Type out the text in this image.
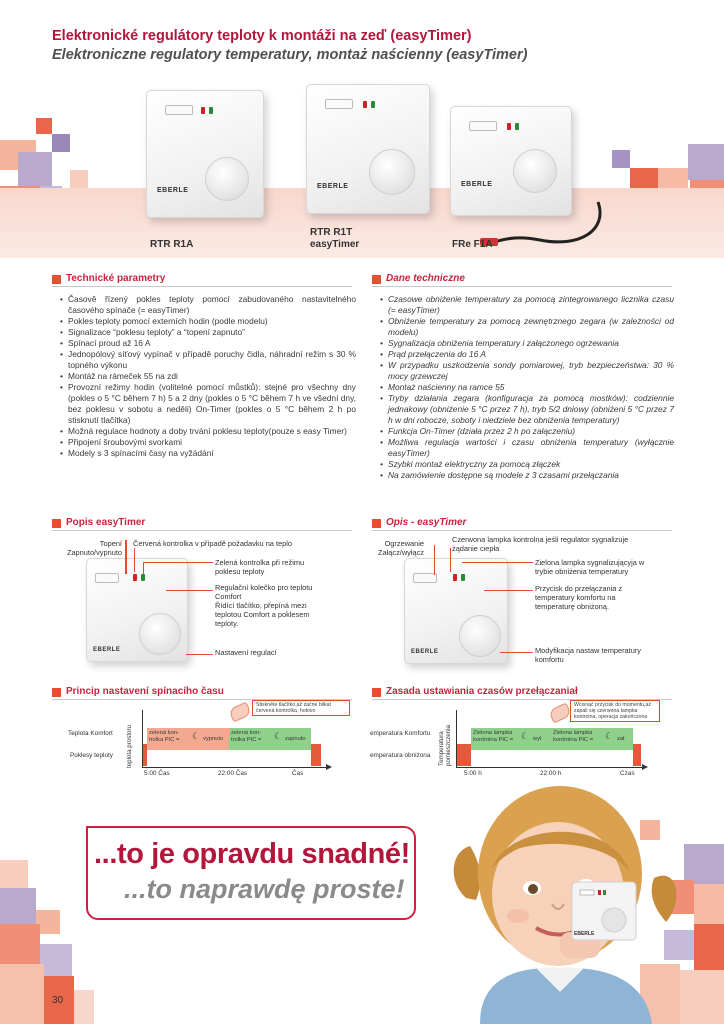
Elektronické regulátory teploty k montáži na zeď (easyTimer)
Elektroniczne regulatory temperatury, montaż naścienny (easyTimer)
EBERLE
EBERLE	EBERLE
RTR R1A
RTR R1T
easyTimer	FRe F1A
Technické parametry
• Časově řízený pokles teploty pomocí zabudovaného nastavitelného časového spínače (= easyTimer)
• Pokles teploty pomocí externích hodin (podle modelu)
• Signalizace “poklesu teploty” a “topení zapnuto”
• Spínací proud až 16 A
• Jednopólový síťový vypínač v případě poruchy čidla, náhradní režim s 30 % topného výkonu
• Montáž na rámeček 55 na zdi
• Provozní režimy hodin (volitelné pomocí můstků): stejné pro všechny dny (pokles o 5 °C během 7 h) 5 a 2 dny (pokles o 5 °C během 7 h ve všední dny, bez poklesu v sobotu a neděli) On-Timer (pokles o 5 °C během 2 h po stisknutí tlačítka)
• Možná regulace hodnoty a doby trvání poklesu teploty(pouze s easy Timer)
• Připojení šroubovými svorkami
• Modely s 3 spínacími časy na vyžádání
Dane techniczne
• Czasowe obniżenie temperatury za pomocą zintegrowanego licznika czasu (= easyTimer)
• Obniżenie temperatury za pomocą zewnętrznego zegara (w zależności od modelu)
• Sygnalizacja obniżenia temperatury i załączonego ogrzewania
• Prąd przełączenia do 16 A
• W przypadku uszkodzenia sondy pomiarowej, tryb bezpieczeństwa: 30 % mocy grzewczej
• Montaż naścienny na ramce 55
• Tryby działania zegara (konfiguracja za pomocą mostków): codziennie jednakowy (obniżenie 5 °C przez 7 h), tryb 5/2 dniowy (obniżeni 5 °C przez 7 h w dni robocze, soboty i niedziele bez obniżenia temperatury)
• Funkcja On-Timer (działa przez 2 h po załączeniu)
• Możliwa regulacja wartości i czasu obniżenia temperatury (wyłącznie easyTimer)
• Szybki montaż elektryczny za pomocą złączek
• Na zamówienie dostępne są modele z 3 czasami przełączania
Popis easyTimer
EBERLE
Topení
Zapnuto/vypnuto
Červená kontrolka v případě požadavku na teplo
Zelená kontrolka při režimu poklesu teploty
Regulační kolečko pro teplotu Comfort
Řídící tlačítko, přepíná mezi teplotou Comfort a poklesem teploty.
Nastavení regulací
Opis - easyTimer
EBERLE
Ogrzewanie
Załącz/wyłącz
Czerwona lampka kontrolna jeśli regulator sygnalizuje żądanie ciepła
Zielona lampka sygnalizującyja w trybie obniżenia temperatury
Przycisk do przełączania z temperatury komfortu na temperaturę obniżoną.
Modyfikacja nastaw temperatury komfortu
Princip nastavení spínacího času
Teplota Komfort
Poklesy teploty teplota prostoru	zelená kon-
trolka PIC = ☾ vypnuto
zelená kon-
trolka PIC = ☾ zapnuto
Stiskněte tlačítko,až začne blikat červená kontrolka, hotovo
5:00 Čas	22:00 Čas	Čas
Zasada ustawiania czasów przełączaniał
emperatura Komfortu
emperatura obniżona Temperatura
pomieszczenia	Zielona lampka
kontrolna PIC = ☾ wył
Zielona lampka
kontrolna PIC = ☾ zał
Wcisnąć przycisk do momentu,aż zapali się czerwona lampka kontrolna, operacja zakończona
5:00 h	22:00 h	Czas
EBERLE
...to je opravdu snadné!
...to naprawdę proste!
30
